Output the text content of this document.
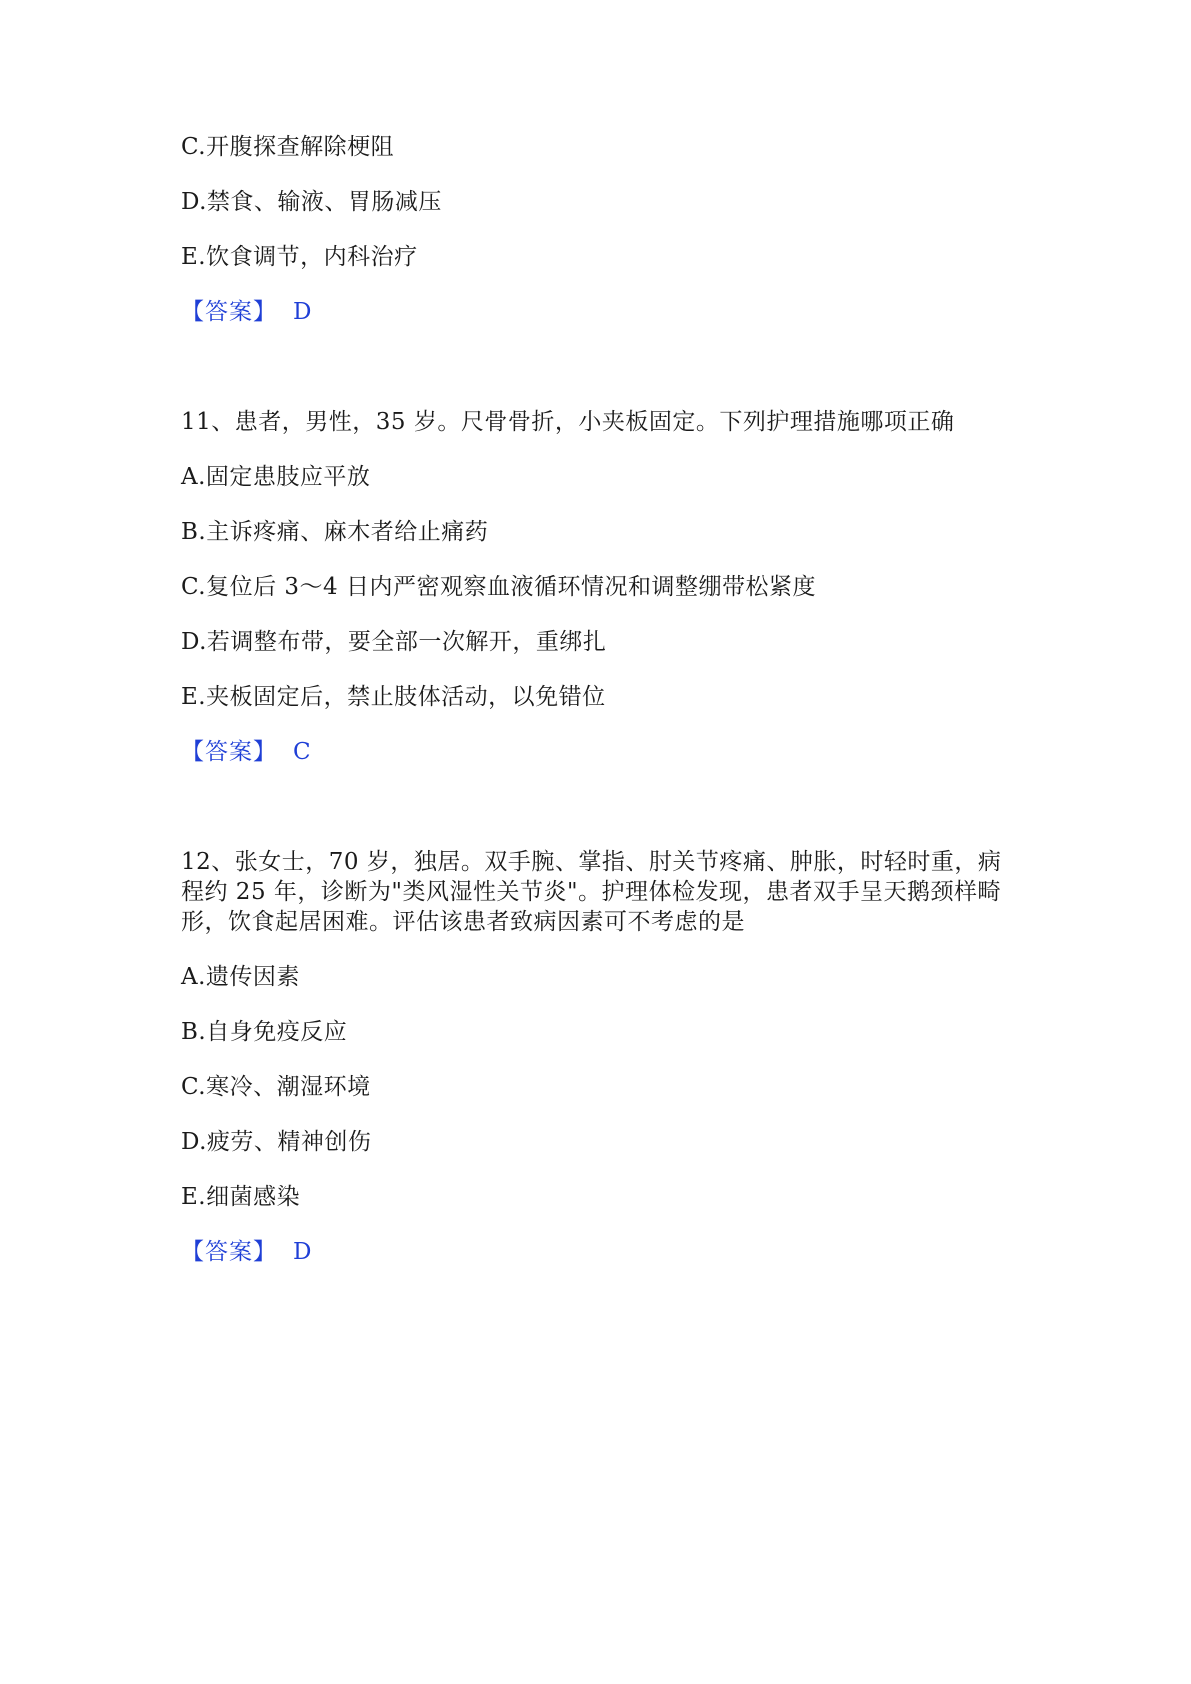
C.开腹探查解除梗阻
D.禁食、输液、胃肠减压
E.饮食调节，内科治疗
【答案】 D
11、患者，男性，35 岁。尺骨骨折，小夹板固定。下列护理措施哪项正确
A.固定患肢应平放
B.主诉疼痛、麻木者给止痛药
C.复位后 3～4 日内严密观察血液循环情况和调整绷带松紧度
D.若调整布带，要全部一次解开，重绑扎
E.夹板固定后，禁止肢体活动，以免错位
【答案】 C
12、张女士，70 岁，独居。双手腕、掌指、肘关节疼痛、肿胀，时轻时重，病
程约 25 年，诊断为"类风湿性关节炎"。护理体检发现，患者双手呈天鹅颈样畸
形，饮食起居困难。评估该患者致病因素可不考虑的是
A.遗传因素
B.自身免疫反应
C.寒冷、潮湿环境
D.疲劳、精神创伤
E.细菌感染
【答案】 D
